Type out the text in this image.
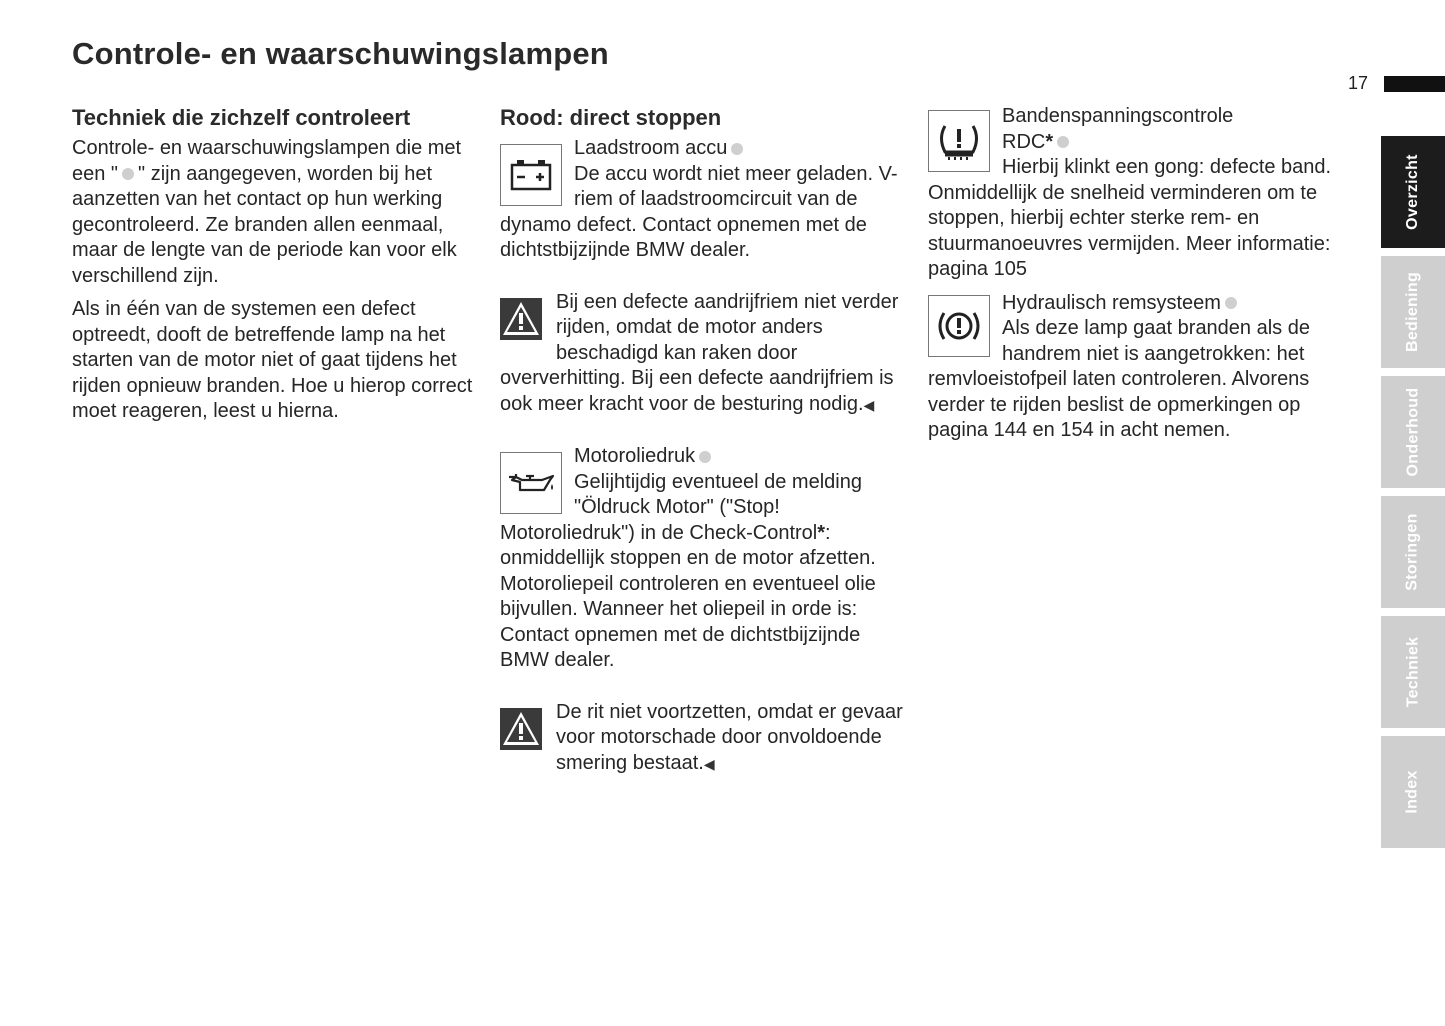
Controle- en waarschuwingslampen
17
Techniek die zichzelf controleert

Controle- en waarschuwingslampen die met een " " zijn aangegeven, worden bij het aanzetten van het contact op hun werking gecontroleerd. Ze branden allen eenmaal, maar de lengte van de periode kan voor elk verschillend zijn.

Als in één van de systemen een defect optreedt, dooft de betreffende lamp na het starten van de motor niet of gaat tijdens het rijden opnieuw branden. Hoe u hierop correct moet reageren, leest u hierna.

Rood: direct stoppen
Laadstroom accu
De accu wordt niet meer geladen. V-riem of laadstroomcircuit van de dynamo defect. Contact opnemen met de dichtstbijzijnde BMW dealer.
Bij een defecte aandrijfriem niet verder rijden, omdat de motor anders beschadigd kan raken door oververhitting. Bij een defecte aandrijfriem is ook meer kracht voor de besturing nodig.◀
Motoroliedruk
Gelijhtijdig eventueel de melding "Öldruck Motor" ("Stop! Motoroliedruk") in de Check-Control*: onmiddellijk stoppen en de motor afzetten. Motoroliepeil controleren en eventueel olie bijvullen. Wanneer het oliepeil in orde is: Contact opnemen met de dichtstbijzijnde BMW dealer.
De rit niet voortzetten, omdat er gevaar voor motorschade door onvoldoende smering bestaat.◀
Bandenspanningscontrole
RDC*
Hierbij klinkt een gong: defecte band. Onmiddellijk de snelheid verminderen om te stoppen, hierbij echter sterke rem- en stuurmanoeuvres vermijden. Meer informatie: pagina 105
Hydraulisch remsysteem
Als deze lamp gaat branden als de handrem niet is aangetrokken: het remvloeistofpeil laten controleren. Alvorens verder te rijden beslist de opmerkingen op pagina 144 en 154 in acht nemen.
Overzicht
Bediening
Onderhoud
Storingen
Techniek
Index
